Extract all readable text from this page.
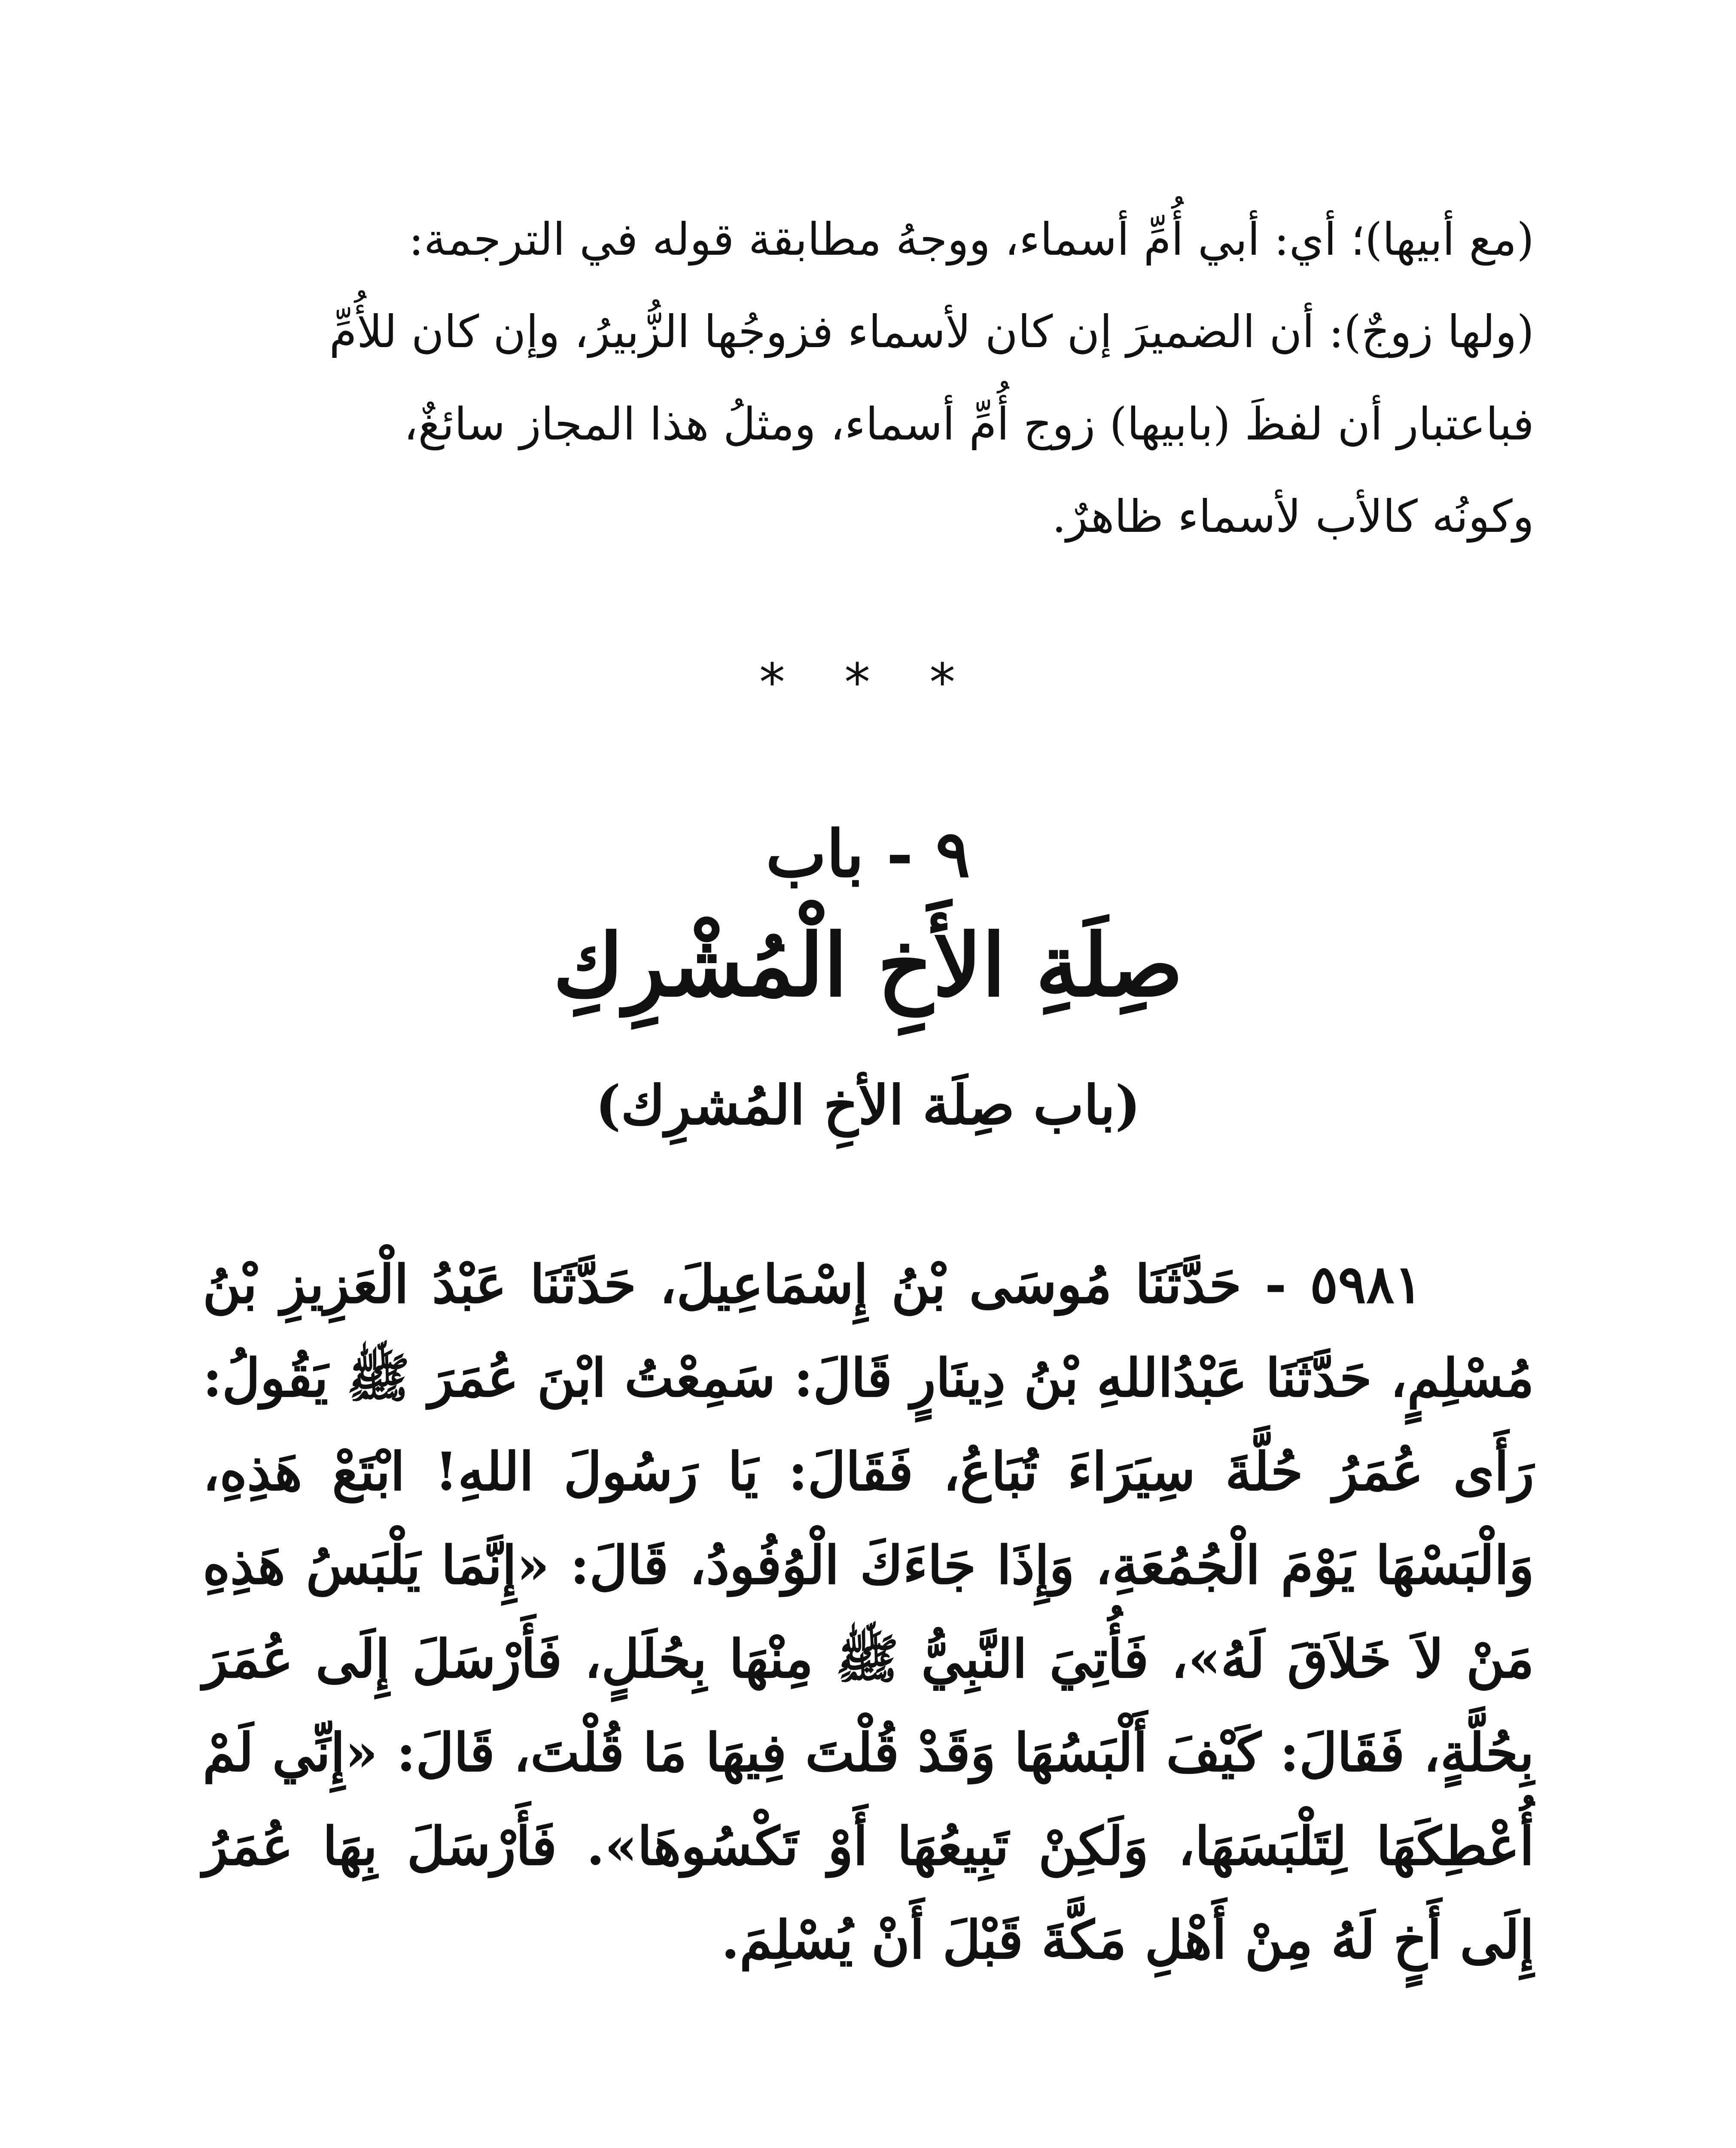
(مع أبيها)؛ أي: أبي أُمِّ أسماء، ووجهُ مطابقة قوله في الترجمة:

(ولها زوجٌ): أن الضميرَ إن كان لأسماء فزوجُها الزُّبيرُ، وإن كان للأُمِّ

فباعتبار أن لفظَ (بابيها) زوج أُمِّ أسماء، ومثلُ هذا المجاز سائغٌ،

وكونُه كالأب لأسماء ظاهرٌ.

* * *
٩ - باب
صِلَةِ الأَخِ الْمُشْرِكِ
(باب صِلَة الأخِ المُشرِك)

٥٩٨١ - حَدَّثَنَا مُوسَى بْنُ إِسْمَاعِيلَ، حَدَّثَنَا عَبْدُ الْعَزِيزِ بْنُ مُسْلِمٍ، حَدَّثَنَا عَبْدُاللهِ بْنُ دِينَارٍ قَالَ: سَمِعْتُ ابْنَ عُمَرَ ﷺ يَقُولُ: رَأَى عُمَرُ حُلَّةَ سِيَرَاءَ تُبَاعُ، فَقَالَ: يَا رَسُولَ اللهِ! ابْتَعْ هَذِهِ، وَالْبَسْهَا يَوْمَ الْجُمُعَةِ، وَإِذَا جَاءَكَ الْوُفُودُ، قَالَ: «إِنَّمَا يَلْبَسُ هَذِهِ مَنْ لاَ خَلاَقَ لَهُ»، فَأُتِيَ النَّبِيُّ ﷺ مِنْهَا بِحُلَلٍ، فَأَرْسَلَ إِلَى عُمَرَ بِحُلَّةٍ، فَقَالَ: كَيْفَ أَلْبَسُهَا وَقَدْ قُلْتَ فِيهَا مَا قُلْتَ، قَالَ: «إِنِّي لَمْ أُعْطِكَهَا لِتَلْبَسَهَا، وَلَكِنْ تَبِيعُهَا أَوْ تَكْسُوهَا». فَأَرْسَلَ بِهَا عُمَرُ إِلَى أَخٍ لَهُ مِنْ أَهْلِ مَكَّةَ قَبْلَ أَنْ يُسْلِمَ.
